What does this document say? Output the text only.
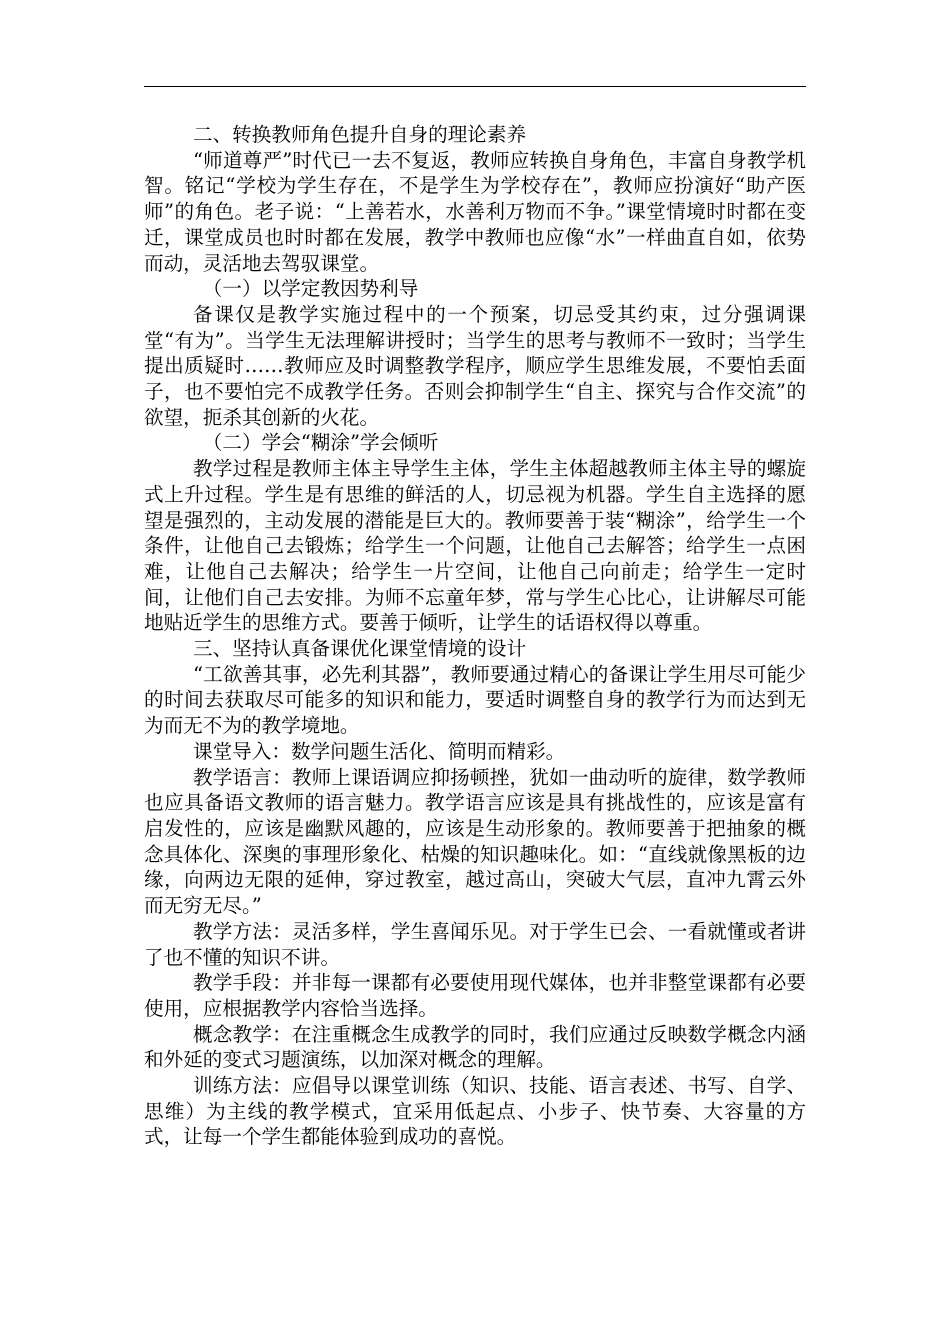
二、转换教师角色提升自身的理论素养

“师道尊严”时代已一去不复返，教师应转换自身角色，丰富自身教学机智。铭记“学校为学生存在，不是学生为学校存在”，教师应扮演好“助产医师”的角色。老子说：“上善若水，水善利万物而不争。”课堂情境时时都在变迁，课堂成员也时时都在发展，教学中教师也应像“水”一样曲直自如，依势而动，灵活地去驾驭课堂。

（一）以学定教因势利导

备课仅是教学实施过程中的一个预案，切忌受其约束，过分强调课堂“有为”。当学生无法理解讲授时；当学生的思考与教师不一致时；当学生提出质疑时……教师应及时调整教学程序，顺应学生思维发展，不要怕丢面子，也不要怕完不成教学任务。否则会抑制学生“自主、探究与合作交流”的欲望，扼杀其创新的火花。

（二）学会“糊涂”学会倾听

教学过程是教师主体主导学生主体，学生主体超越教师主体主导的螺旋式上升过程。学生是有思维的鲜活的人，切忌视为机器。学生自主选择的愿望是强烈的，主动发展的潜能是巨大的。教师要善于装“糊涂”，给学生一个条件，让他自己去锻炼；给学生一个问题，让他自己去解答；给学生一点困难，让他自己去解决；给学生一片空间，让他自己向前走；给学生一定时间，让他们自己去安排。为师不忘童年梦，常与学生心比心，让讲解尽可能地贴近学生的思维方式。要善于倾听，让学生的话语权得以尊重。

三、坚持认真备课优化课堂情境的设计

“工欲善其事，必先利其器”，教师要通过精心的备课让学生用尽可能少的时间去获取尽可能多的知识和能力，要适时调整自身的教学行为而达到无为而无不为的教学境地。

课堂导入：数学问题生活化、简明而精彩。

教学语言：教师上课语调应抑扬顿挫，犹如一曲动听的旋律，数学教师也应具备语文教师的语言魅力。教学语言应该是具有挑战性的，应该是富有启发性的，应该是幽默风趣的，应该是生动形象的。教师要善于把抽象的概念具体化、深奥的事理形象化、枯燥的知识趣味化。如：“直线就像黑板的边缘，向两边无限的延伸，穿过教室，越过高山，突破大气层，直冲九霄云外而无穷无尽。”

教学方法：灵活多样，学生喜闻乐见。对于学生已会、一看就懂或者讲了也不懂的知识不讲。

教学手段：并非每一课都有必要使用现代媒体，也并非整堂课都有必要使用，应根据教学内容恰当选择。

概念教学：在注重概念生成教学的同时，我们应通过反映数学概念内涵和外延的变式习题演练，以加深对概念的理解。

训练方法：应倡导以课堂训练（知识、技能、语言表述、书写、自学、思维）为主线的教学模式，宜采用低起点、小步子、快节奏、大容量的方式，让每一个学生都能体验到成功的喜悦。
